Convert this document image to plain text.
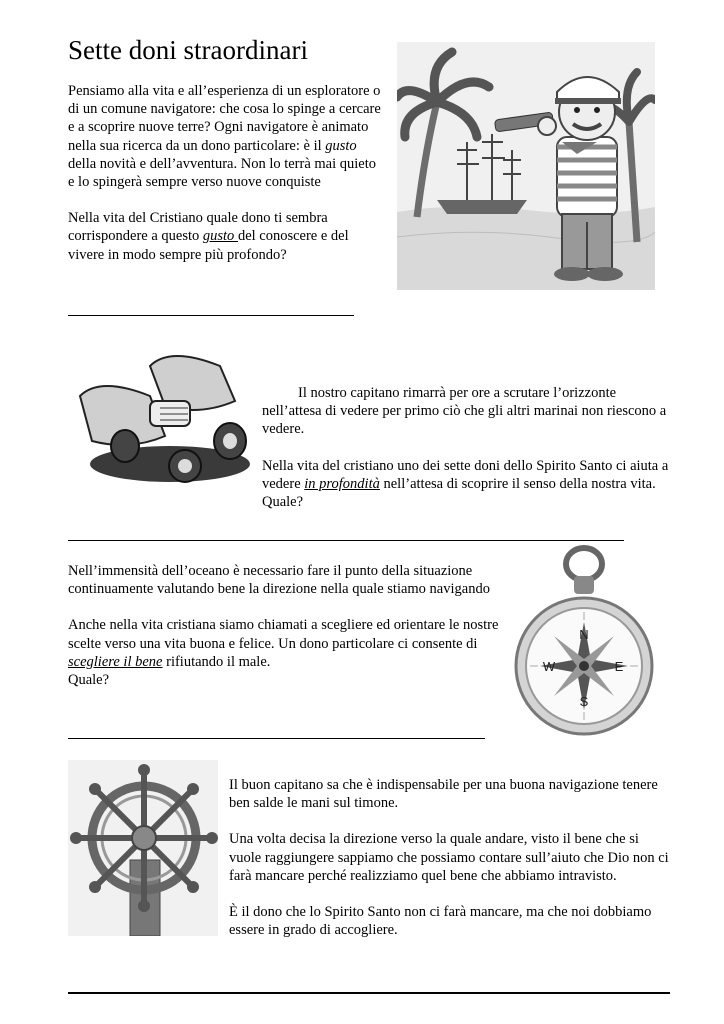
Sette doni straordinari

Pensiamo alla vita e all’esperienza di un esploratore o di un comune navigatore: che cosa lo spinge a cercare e a scoprire nuove terre? Ogni navigatore è animato nella sua ricerca da un dono particolare: è il gusto della novità e dell’avventura. Non lo terrà mai quieto e lo spingerà sempre verso nuove conquiste

Nella vita del Cristiano quale dono ti sembra corrispondere a questo gusto del conoscere e del vivere in modo sempre più profondo?

Il nostro capitano rimarrà per ore a scrutare l’orizzonte nell’attesa di vedere per primo ciò che gli altri marinai non riescono a vedere.

Nella vita del cristiano uno dei sette doni dello Spirito Santo ci aiuta a vedere in profondità nell’attesa di scoprire il senso della nostra vita. Quale?

Nell’immensità dell’oceano è necessario fare il punto della situazione continuamente valutando bene la direzione nella quale stiamo navigando

Anche nella vita cristiana siamo chiamati a scegliere ed orientare le nostre scelte verso una vita buona e felice. Un dono particolare ci consente di scegliere il bene rifiutando il male.
Quale?

N
S
E
W

Il buon capitano sa che è indispensabile per una buona navigazione tenere ben salde le mani sul timone.

Una volta decisa la direzione verso la quale andare, visto il bene che si vuole raggiungere sappiamo che possiamo contare sull’aiuto che Dio non ci farà mancare perché realizziamo quel bene che abbiamo intravisto.

È il dono che lo Spirito Santo non ci farà mancare, ma che noi dobbiamo essere in grado di accogliere.
